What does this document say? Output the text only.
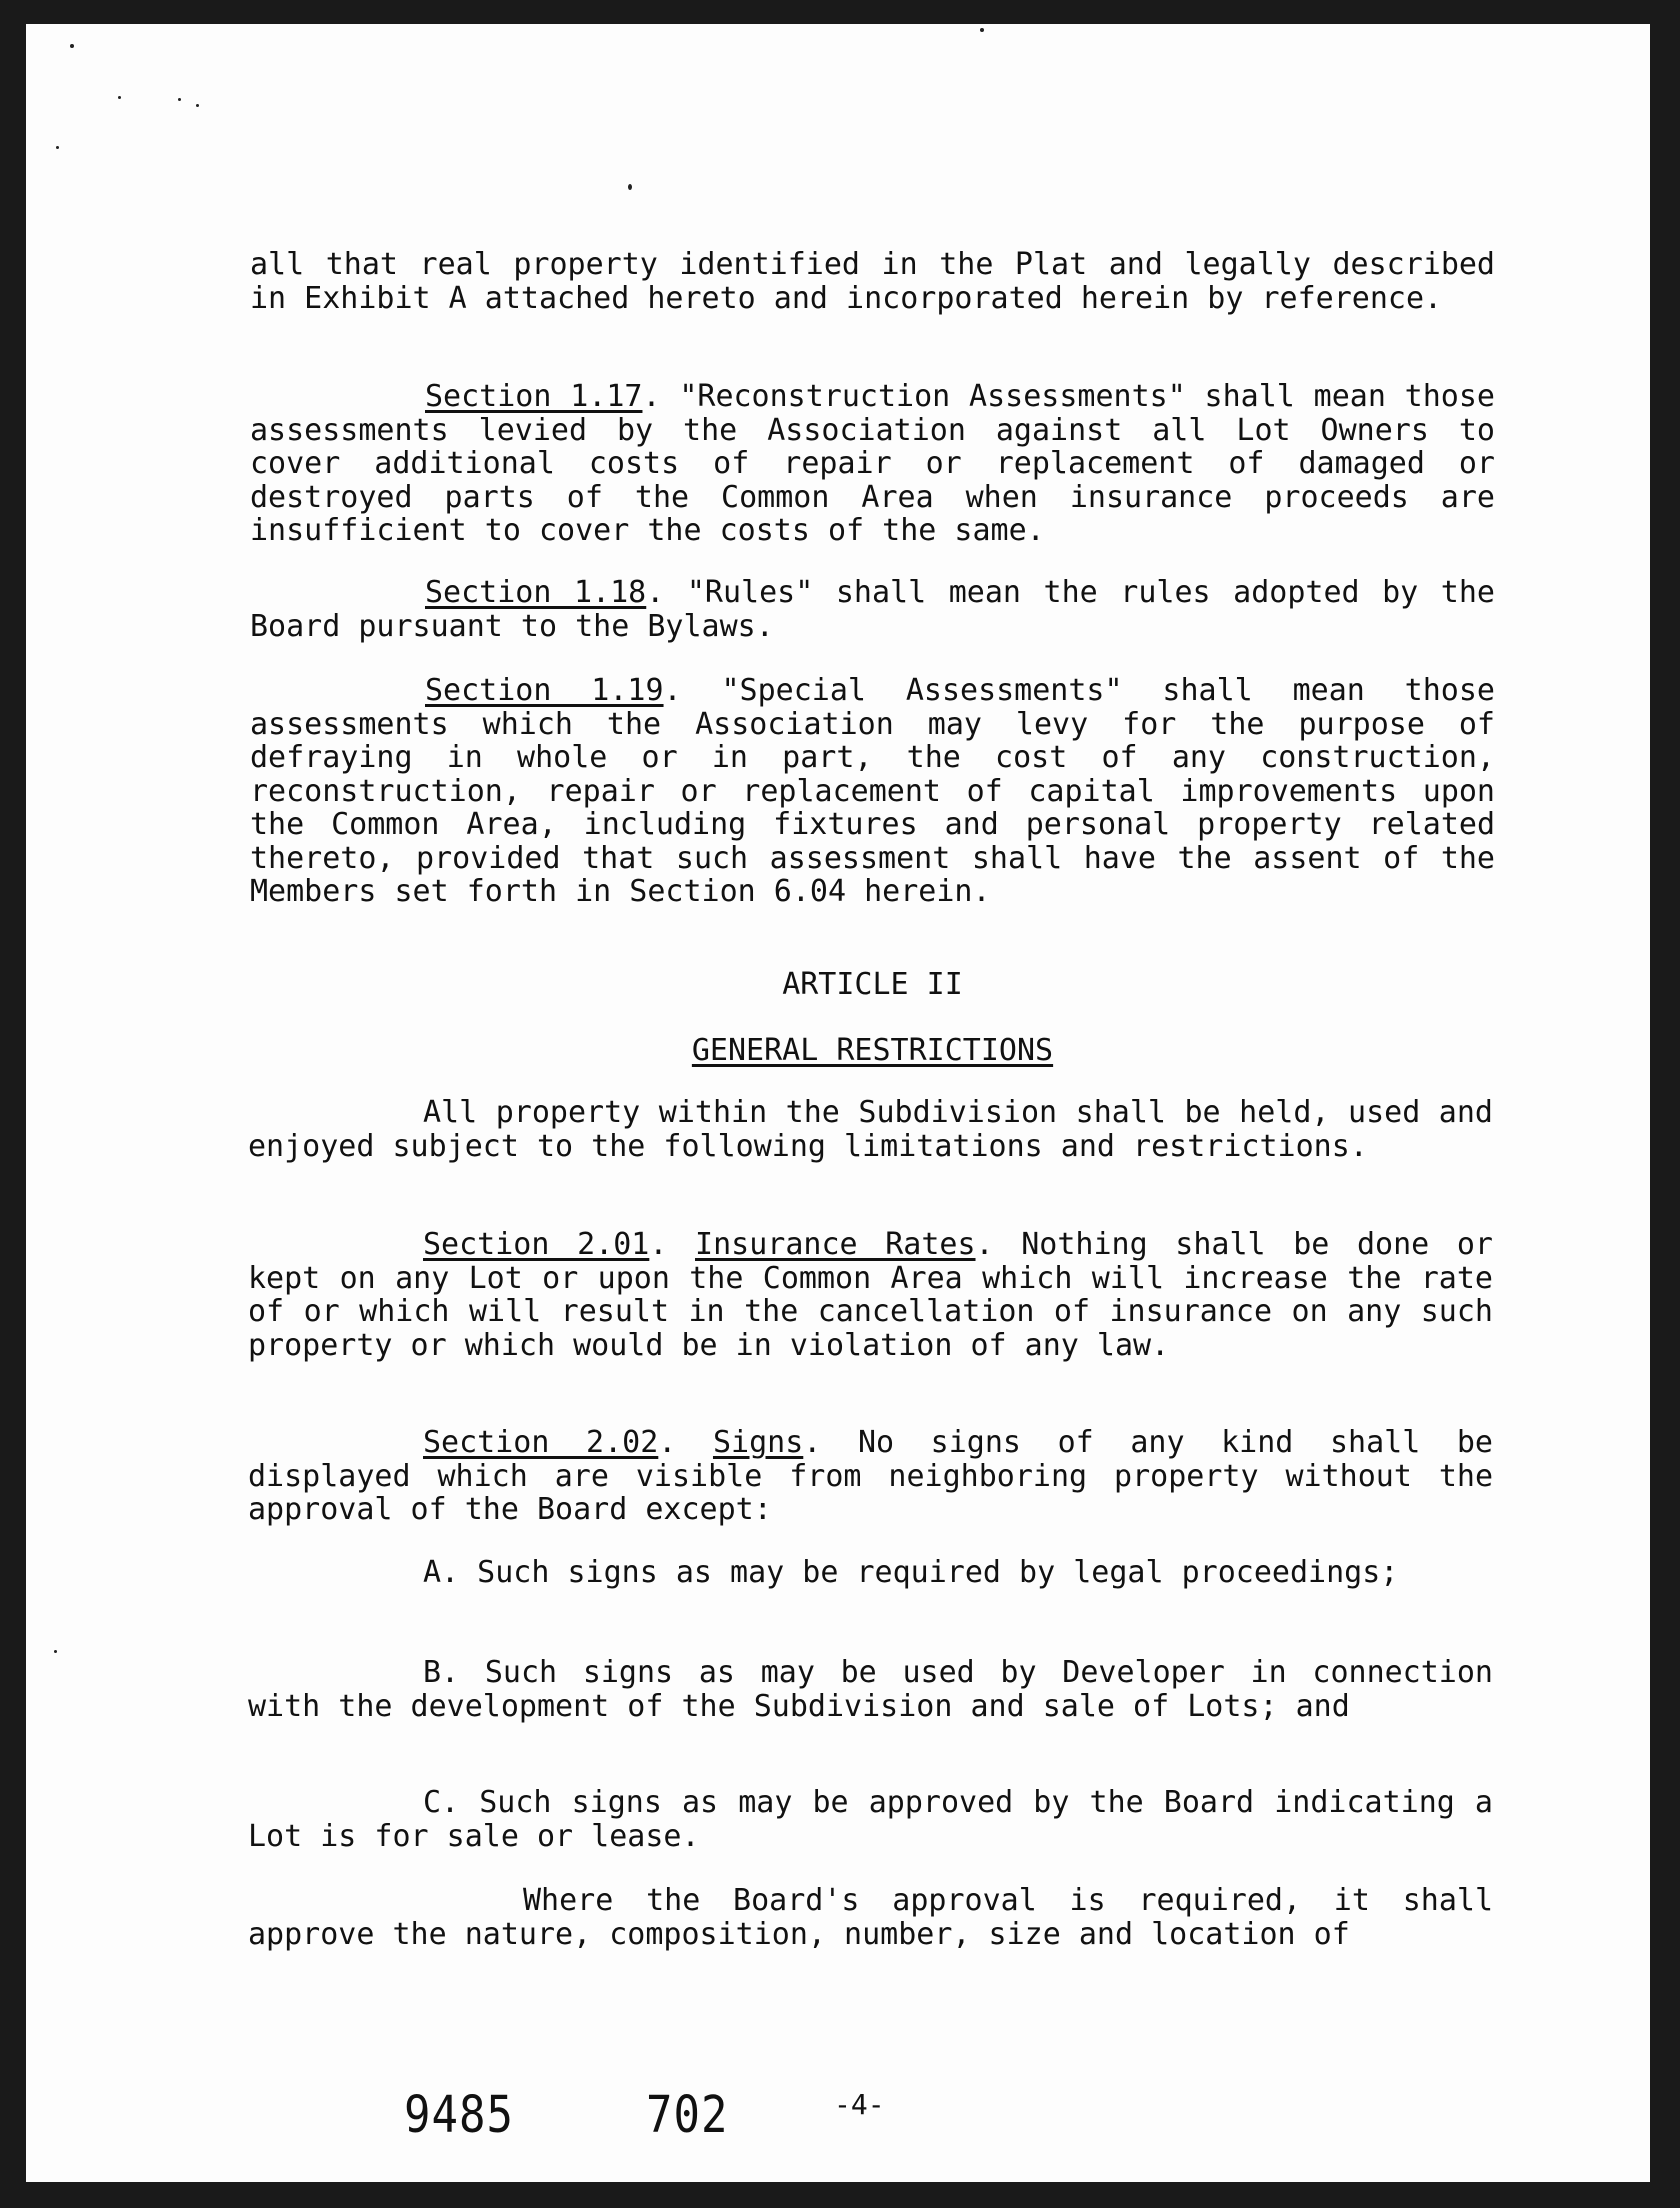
all that real property identified in the Plat and legally described in Exhibit A attached hereto and incorporated herein by reference.

Section 1.17. "Reconstruction Assessments" shall mean those assessments levied by the Association against all Lot Owners to cover additional costs of repair or replacement of damaged or destroyed parts of the Common Area when insurance proceeds are insufficient to cover the costs of the same.

Section 1.18. "Rules" shall mean the rules adopted by the Board pursuant to the Bylaws.

Section 1.19. "Special Assessments" shall mean those assessments which the Association may levy for the purpose of defraying in whole or in part, the cost of any construction, reconstruction, repair or replacement of capital improvements upon the Common Area, including fixtures and personal property related thereto, provided that such assessment shall have the assent of the Members set forth in Section 6.04 herein.

ARTICLE II

GENERAL RESTRICTIONS

All property within the Subdivision shall be held, used and enjoyed subject to the following limitations and restrictions.

Section 2.01. Insurance Rates. Nothing shall be done or kept on any Lot or upon the Common Area which will increase the rate of or which will result in the cancellation of insurance on any such property or which would be in violation of any law.

Section 2.02. Signs. No signs of any kind shall be displayed which are visible from neighboring property without the approval of the Board except:

A. Such signs as may be required by legal proceedings;

B. Such signs as may be used by Developer in connection with the development of the Subdivision and sale of Lots; and

C. Such signs as may be approved by the Board indicating a Lot is for sale or lease.

Where the Board's approval is required, it shall approve the nature, composition, number, size and location of

9485	702	-4-
